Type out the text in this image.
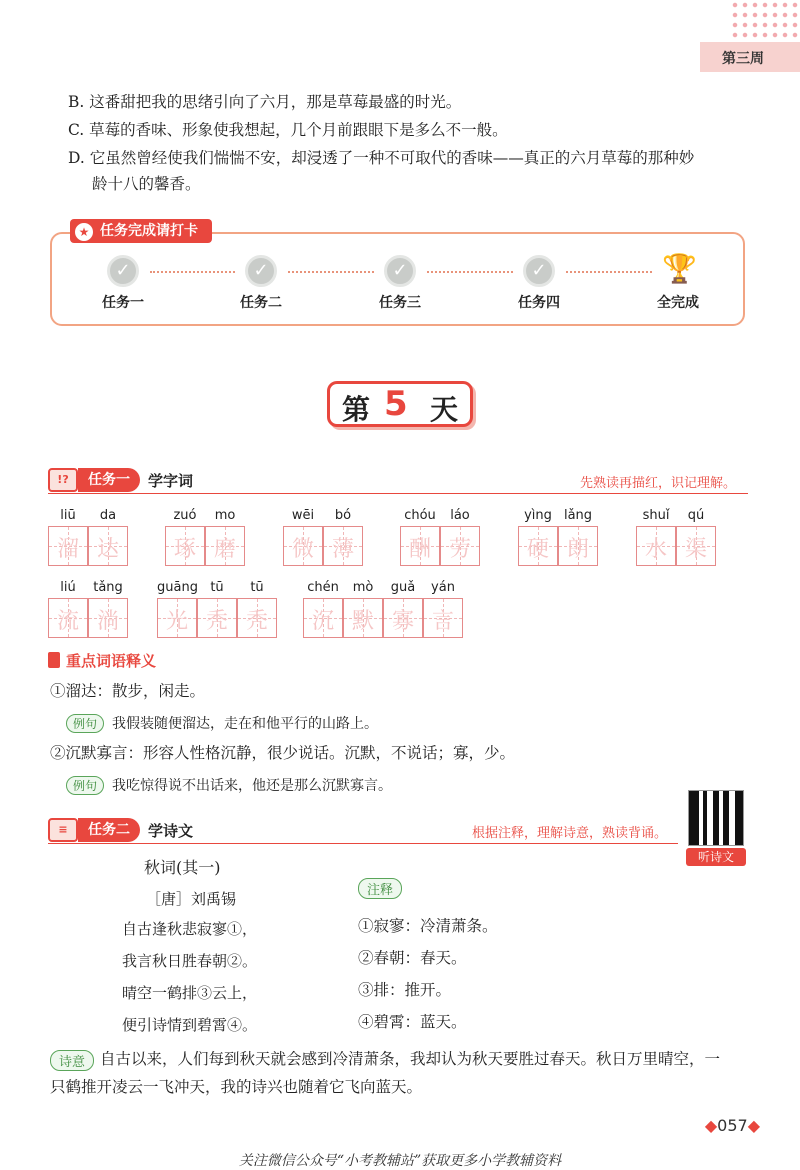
第三周
B. 这番甜把我的思绪引向了六月，那是草莓最盛的时光。
C. 草莓的香味、形象使我想起，几个月前跟眼下是多么不一般。
D. 它虽然曾经使我们惴惴不安，却浸透了一种不可取代的香味——真正的六月草莓的那种妙
龄十八的馨香。
任务完成请打卡
★
✓	✓	✓	✓	🏆
任务一	任务二	任务三	任务四	全完成
第 5 天
!?	任务一	学字词	先熟读再描红，识记理解。
liū
溜
da
达
zuó
琢
mo
磨
wēi
微
bó
薄
chóu
酬
láo
劳
yìng
硬
lǎng
朗
shuǐ
水
qú
渠
liú
流
tǎng
淌
guāng
光
tū
秃
tū
秃
chén
沉
mò
默
guǎ
寡
yán
言
重点词语释义
①溜达：散步，闲走。
例句	我假装随便溜达，走在和他平行的山路上。
②沉默寡言：形容人性格沉静，很少说话。沉默，不说话；寡，少。
例句	我吃惊得说不出话来，他还是那么沉默寡言。
≡	任务二	学诗文	根据注释，理解诗意，熟读背诵。
听诗文
秋词(其一)
［唐］刘禹锡
自古逢秋悲寂寥①，
我言秋日胜春朝②。
晴空一鹤排③云上，
便引诗情到碧霄④。
注释
①寂寥：冷清萧条。
②春朝：春天。
③排：推开。
④碧霄：蓝天。
诗意 自古以来，人们每到秋天就会感到冷清萧条，我却认为秋天要胜过春天。秋日万里晴空，一
只鹤推开凌云一飞冲天，我的诗兴也随着它飞向蓝天。
◆057◆
关注微信公众号“小考教辅站”获取更多小学教辅资料
